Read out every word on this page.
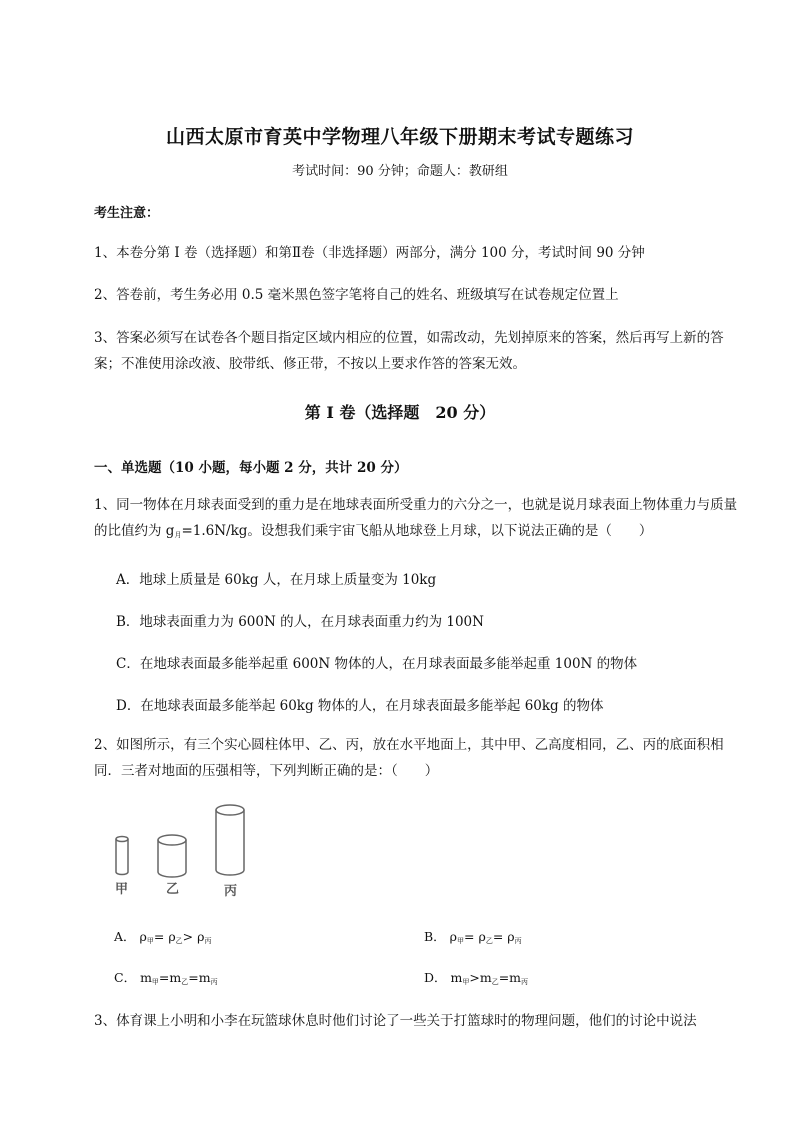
山西太原市育英中学物理八年级下册期末考试专题练习
考试时间：90 分钟；命题人：教研组
考生注意：
1、本卷分第 I 卷（选择题）和第Ⅱ卷（非选择题）两部分，满分 100 分，考试时间 90 分钟
2、答卷前，考生务必用 0.5 毫米黑色签字笔将自己的姓名、班级填写在试卷规定位置上
3、答案必须写在试卷各个题目指定区域内相应的位置，如需改动，先划掉原来的答案，然后再写上新的答案；不准使用涂改液、胶带纸、修正带，不按以上要求作答的答案无效。
第 I 卷（选择题　20 分）
一、单选题（10 小题，每小题 2 分，共计 20 分）
1、同一物体在月球表面受到的重力是在地球表面所受重力的六分之一，也就是说月球表面上物体重力与质量的比值约为 $g_月=1.6N/kg$。设想我们乘宇宙飞船从地球登上月球，以下说法正确的是（　　）
A．地球上质量是 60kg 人，在月球上质量变为 10kg
B．地球表面重力为 600N 的人，在月球表面重力约为 100N
C．在地球表面最多能举起重 600N 物体的人，在月球表面最多能举起重 100N 的物体
D．在地球表面最多能举起 60kg 物体的人，在月球表面最多能举起 60kg 的物体
2、如图所示，有三个实心圆柱体甲、乙、丙，放在水平地面上，其中甲、乙高度相同，乙、丙的底面积相同．三者对地面的压强相等，下列判断正确的是：（　　）
甲	乙	丙
A． $\rho_甲= \rho_乙> \rho_丙$	B． $\rho_甲= \rho_乙= \rho_丙$
C． $m_甲=m_乙=m_丙$	D． $m_甲>m_乙=m_丙$
3、体育课上小明和小李在玩篮球休息时他们讨论了一些关于打篮球时的物理问题，他们的讨论中说法
